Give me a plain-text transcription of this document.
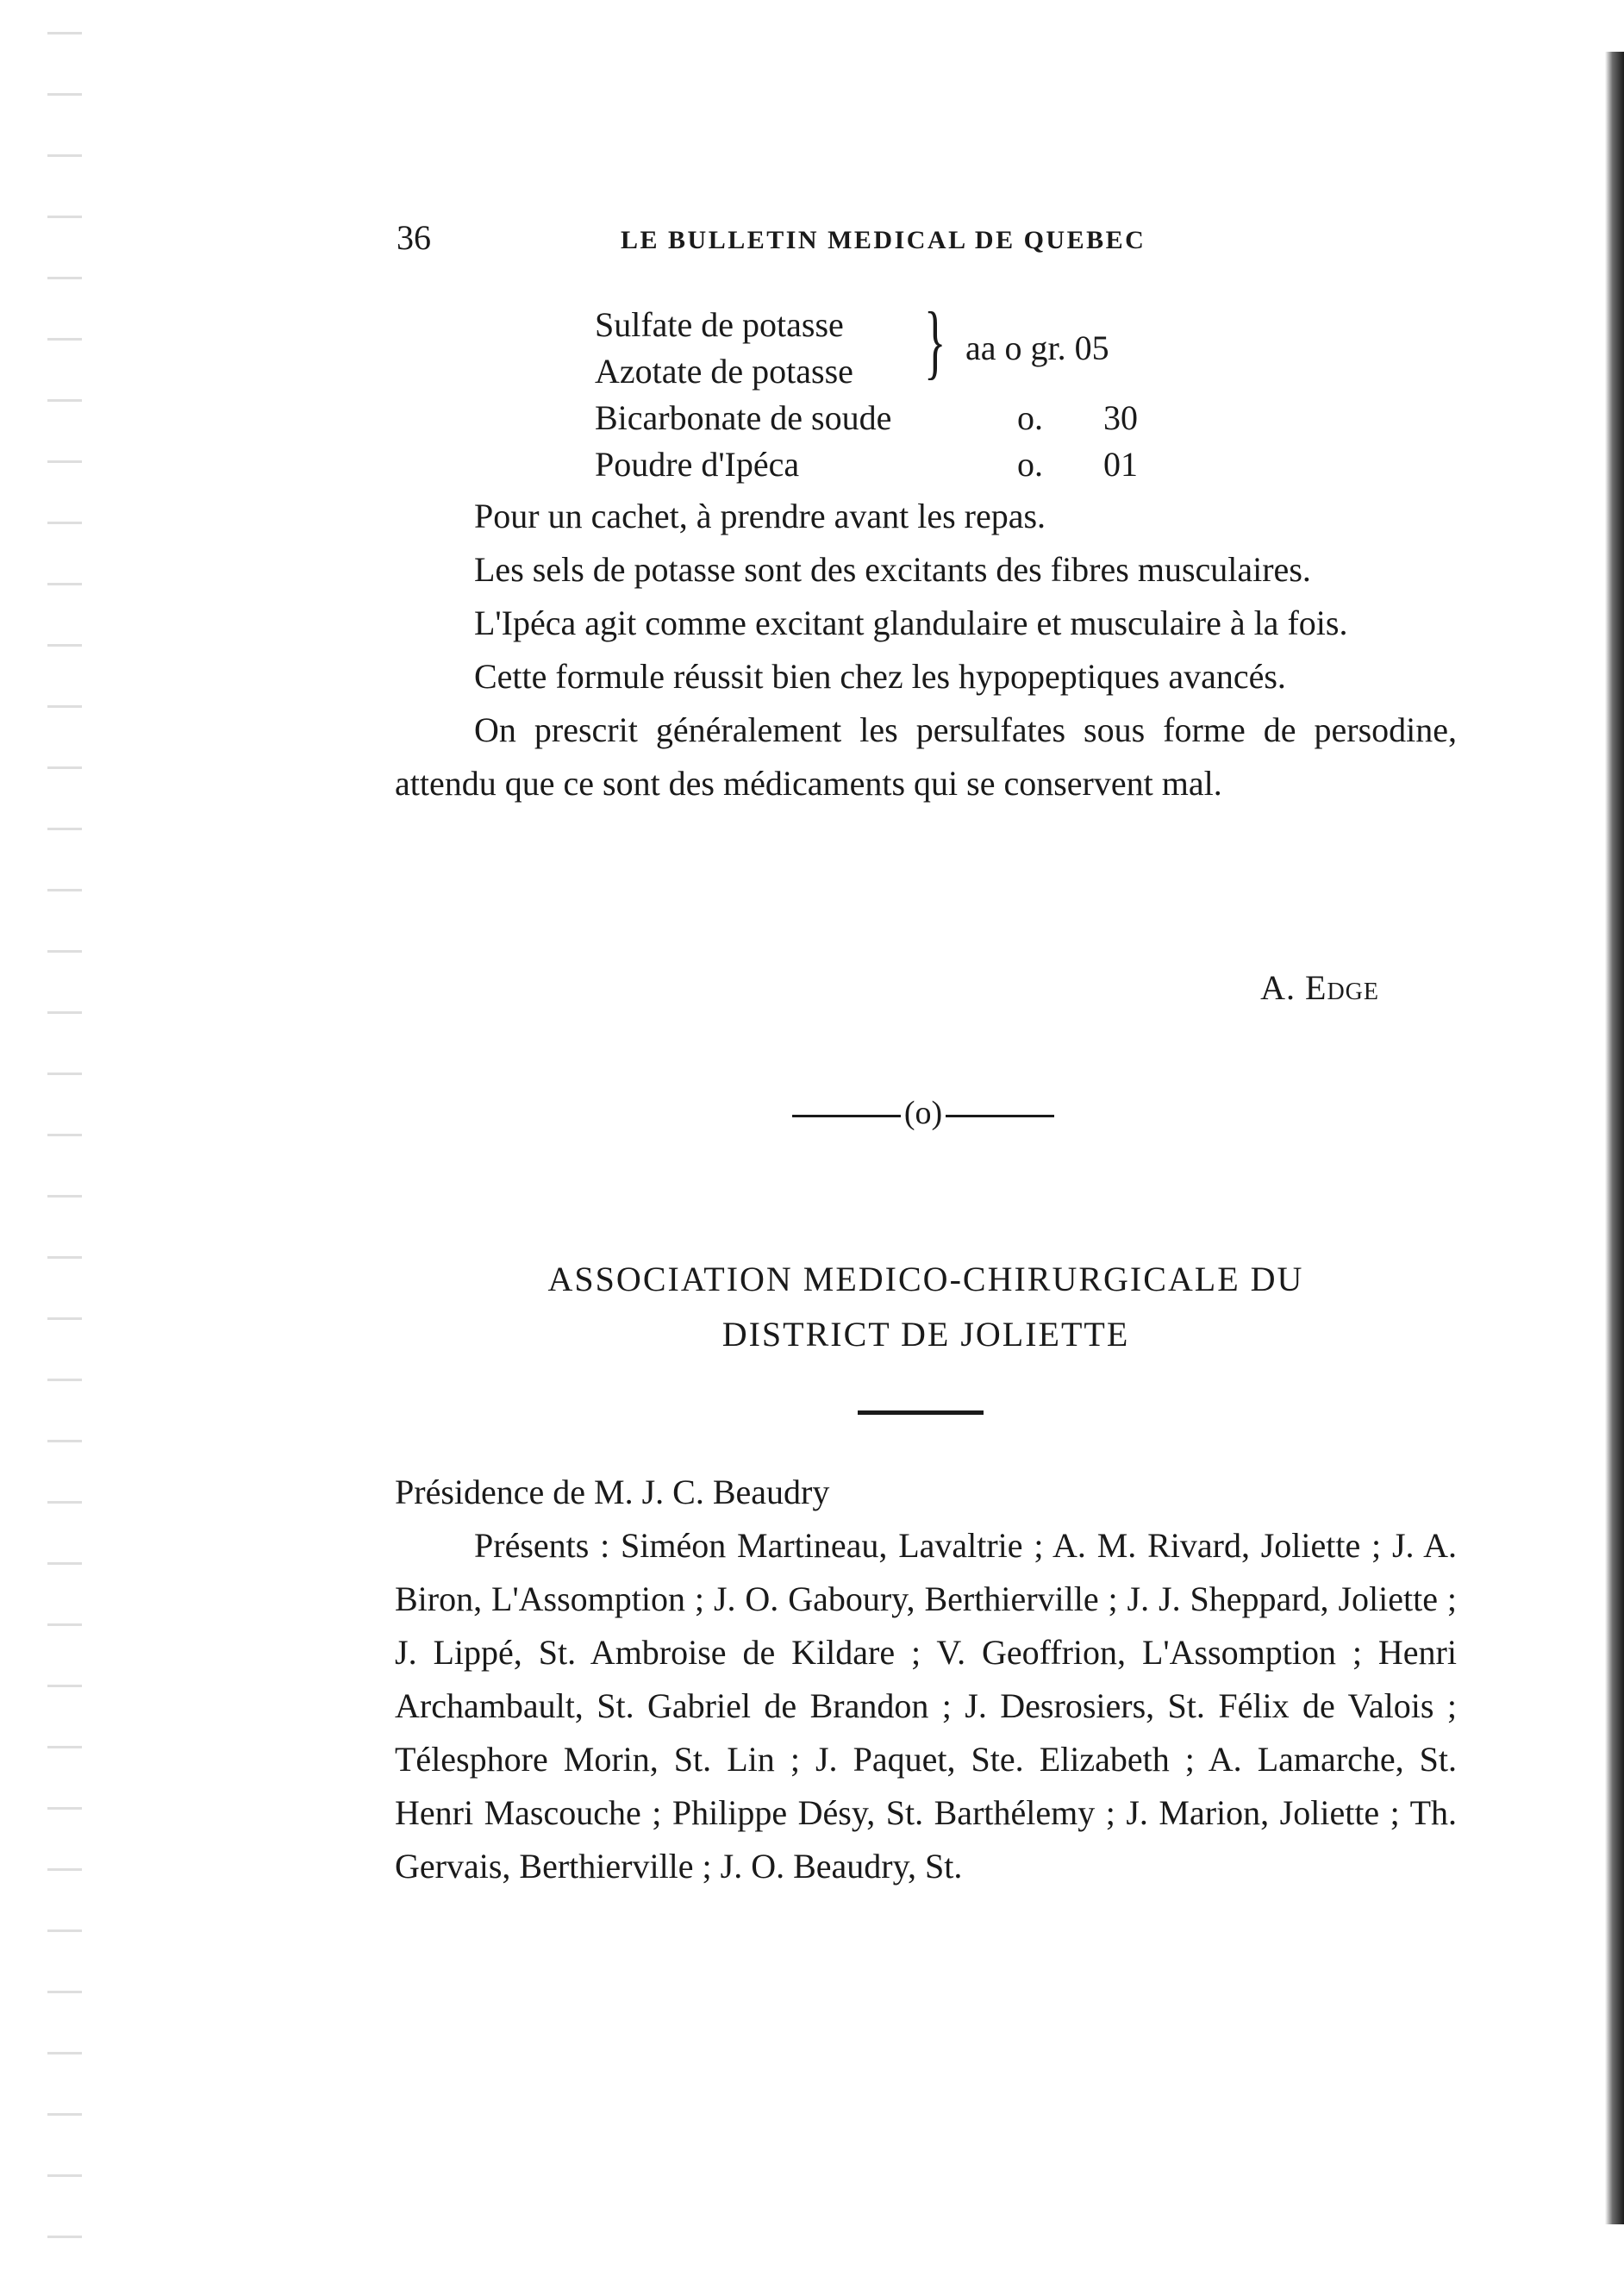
36	LE BULLETIN MEDICAL DE QUEBEC
Sulfate de potasse } aa o gr. 05
Azotate de potasse
Bicarbonate de soude	o. 30
Poudre d'Ipéca	o. 01

Pour un cachet, à prendre avant les repas.

Les sels de potasse sont des excitants des fibres musculaires.

L'Ipéca agit comme excitant glandulaire et musculaire à la fois.

Cette formule réussit bien chez les hypopeptiques avancés.

On prescrit généralement les persulfates sous forme de persodine, attendu que ce sont des médicaments qui se conservent mal.

A. Edge
(o)
ASSOCIATION MEDICO-CHIRURGICALE DU
DISTRICT DE JOLIETTE

Présidence de M. J. C. Beaudry

Présents : Siméon Martineau, Lavaltrie ; A. M. Rivard, Joliette ; J. A. Biron, L'Assomption ; J. O. Gaboury, Berthierville ; J. J. Sheppard, Joliette ; J. Lippé, St. Ambroise de Kildare ; V. Geoffrion, L'Assomption ; Henri Archambault, St. Gabriel de Brandon ; J. Desrosiers, St. Félix de Valois ; Télesphore Morin, St. Lin ; J. Paquet, Ste. Elizabeth ; A. Lamarche, St. Henri Mascouche ; Philippe Désy, St. Barthélemy ; J. Marion, Joliette ; Th. Gervais, Berthierville ; J. O. Beaudry, St.
